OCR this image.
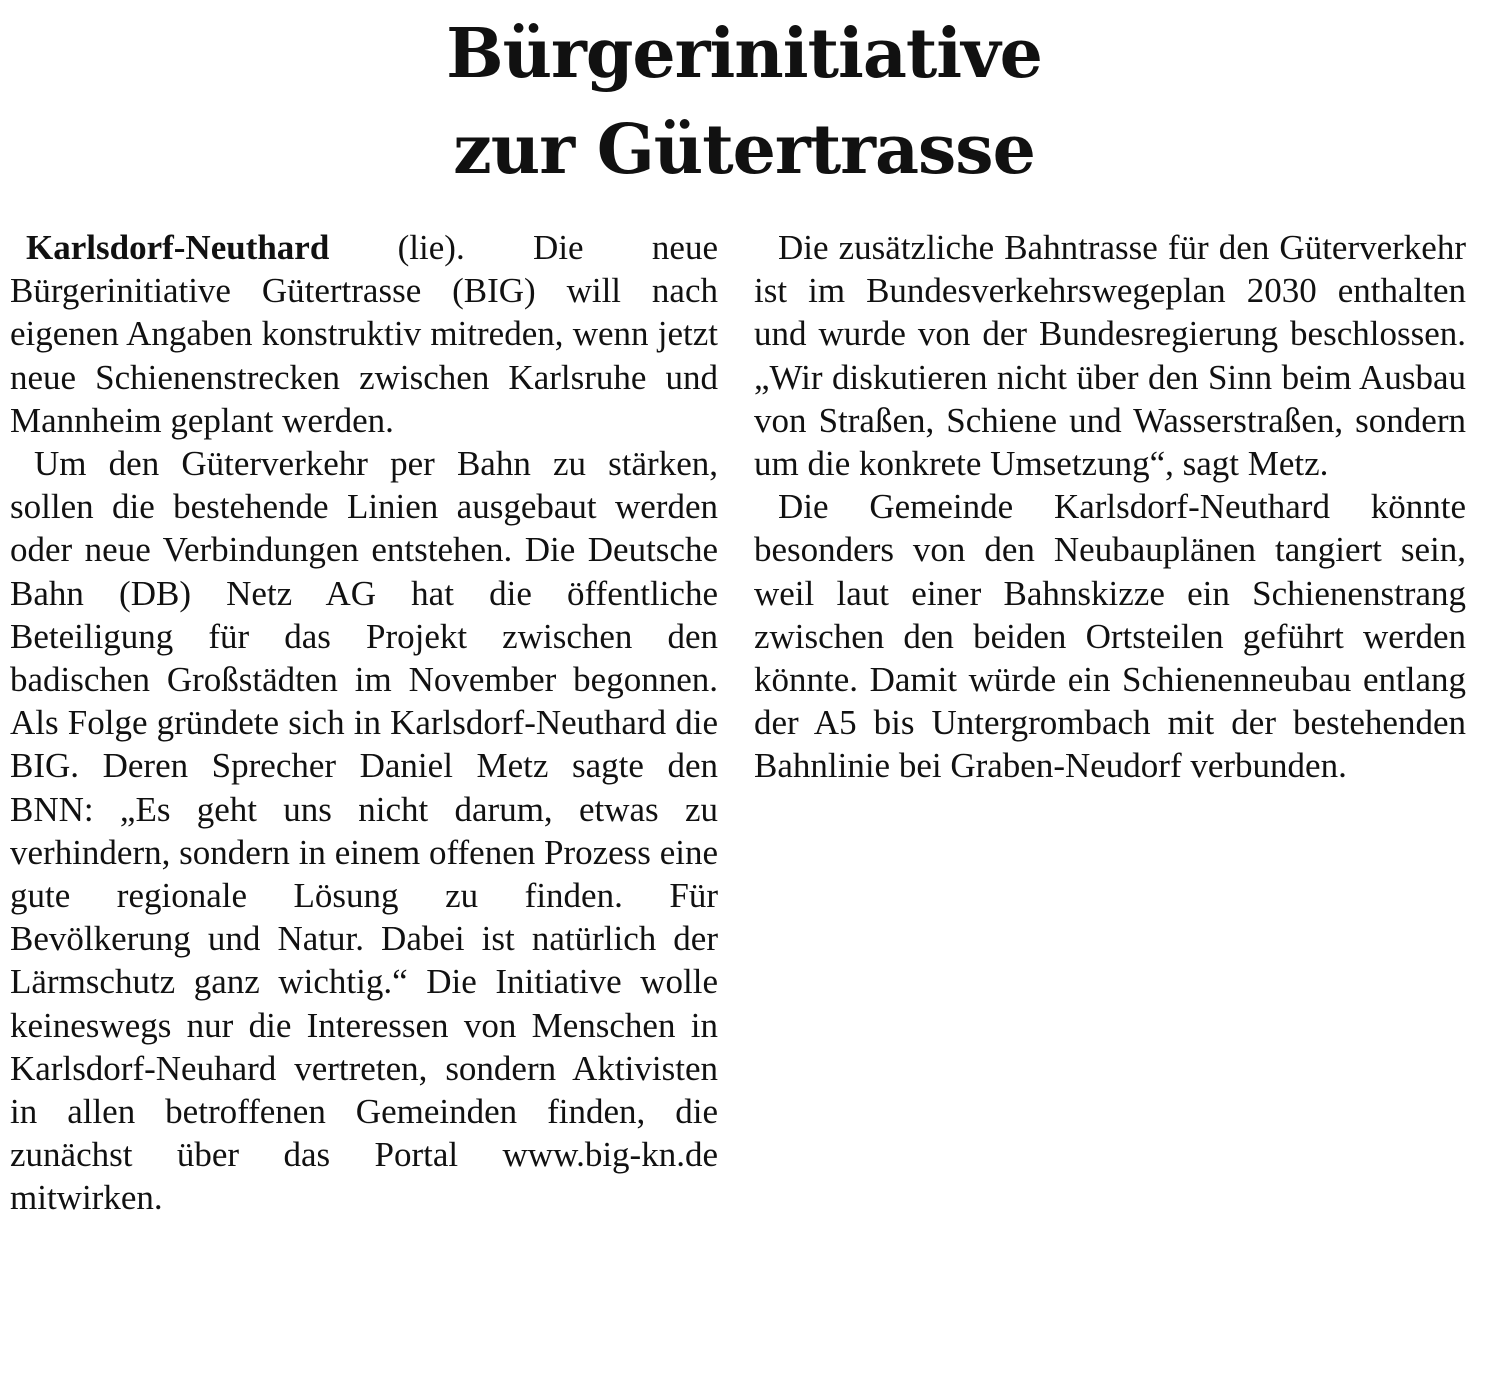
Bürgerinitiative
zur Gütertrasse

Karlsdorf-Neuthard (lie). Die neue Bürgerinitiative Gütertrasse (BIG) will nach eigenen Angaben konstruktiv mitreden, wenn jetzt neue Schienenstrecken zwischen Karlsruhe und Mannheim geplant werden.

Um den Güterverkehr per Bahn zu stärken, sollen die bestehende Linien ausgebaut werden oder neue Verbindungen entstehen. Die Deutsche Bahn (DB) Netz AG hat die öffentliche Beteiligung für das Projekt zwischen den badischen Großstädten im November begonnen. Als Folge gründete sich in Karlsdorf-Neuthard die BIG. Deren Sprecher Daniel Metz sagte den BNN: „Es geht uns nicht darum, etwas zu verhindern, sondern in einem offenen Prozess eine gute regionale Lösung zu finden. Für Bevölkerung und Natur. Dabei ist natürlich der Lärmschutz ganz wichtig.“ Die Initiative wolle keineswegs nur die Interessen von Menschen in Karlsdorf-Neuhard vertreten, sondern Aktivisten in allen betroffenen Gemeinden finden, die zunächst über das Portal www.big-kn.de mitwirken.

Die zusätzliche Bahntrasse für den Güterverkehr ist im Bundesverkehrswegeplan 2030 enthalten und wurde von der Bundesregierung beschlossen. „Wir diskutieren nicht über den Sinn beim Ausbau von Straßen, Schiene und Wasserstraßen, sondern um die konkrete Umsetzung“, sagt Metz.

Die Gemeinde Karlsdorf-Neuthard könnte besonders von den Neubauplänen tangiert sein, weil laut einer Bahnskizze ein Schienenstrang zwischen den beiden Ortsteilen geführt werden könnte. Damit würde ein Schienenneubau entlang der A5 bis Untergrombach mit der bestehenden Bahnlinie bei Graben-Neudorf verbunden.
